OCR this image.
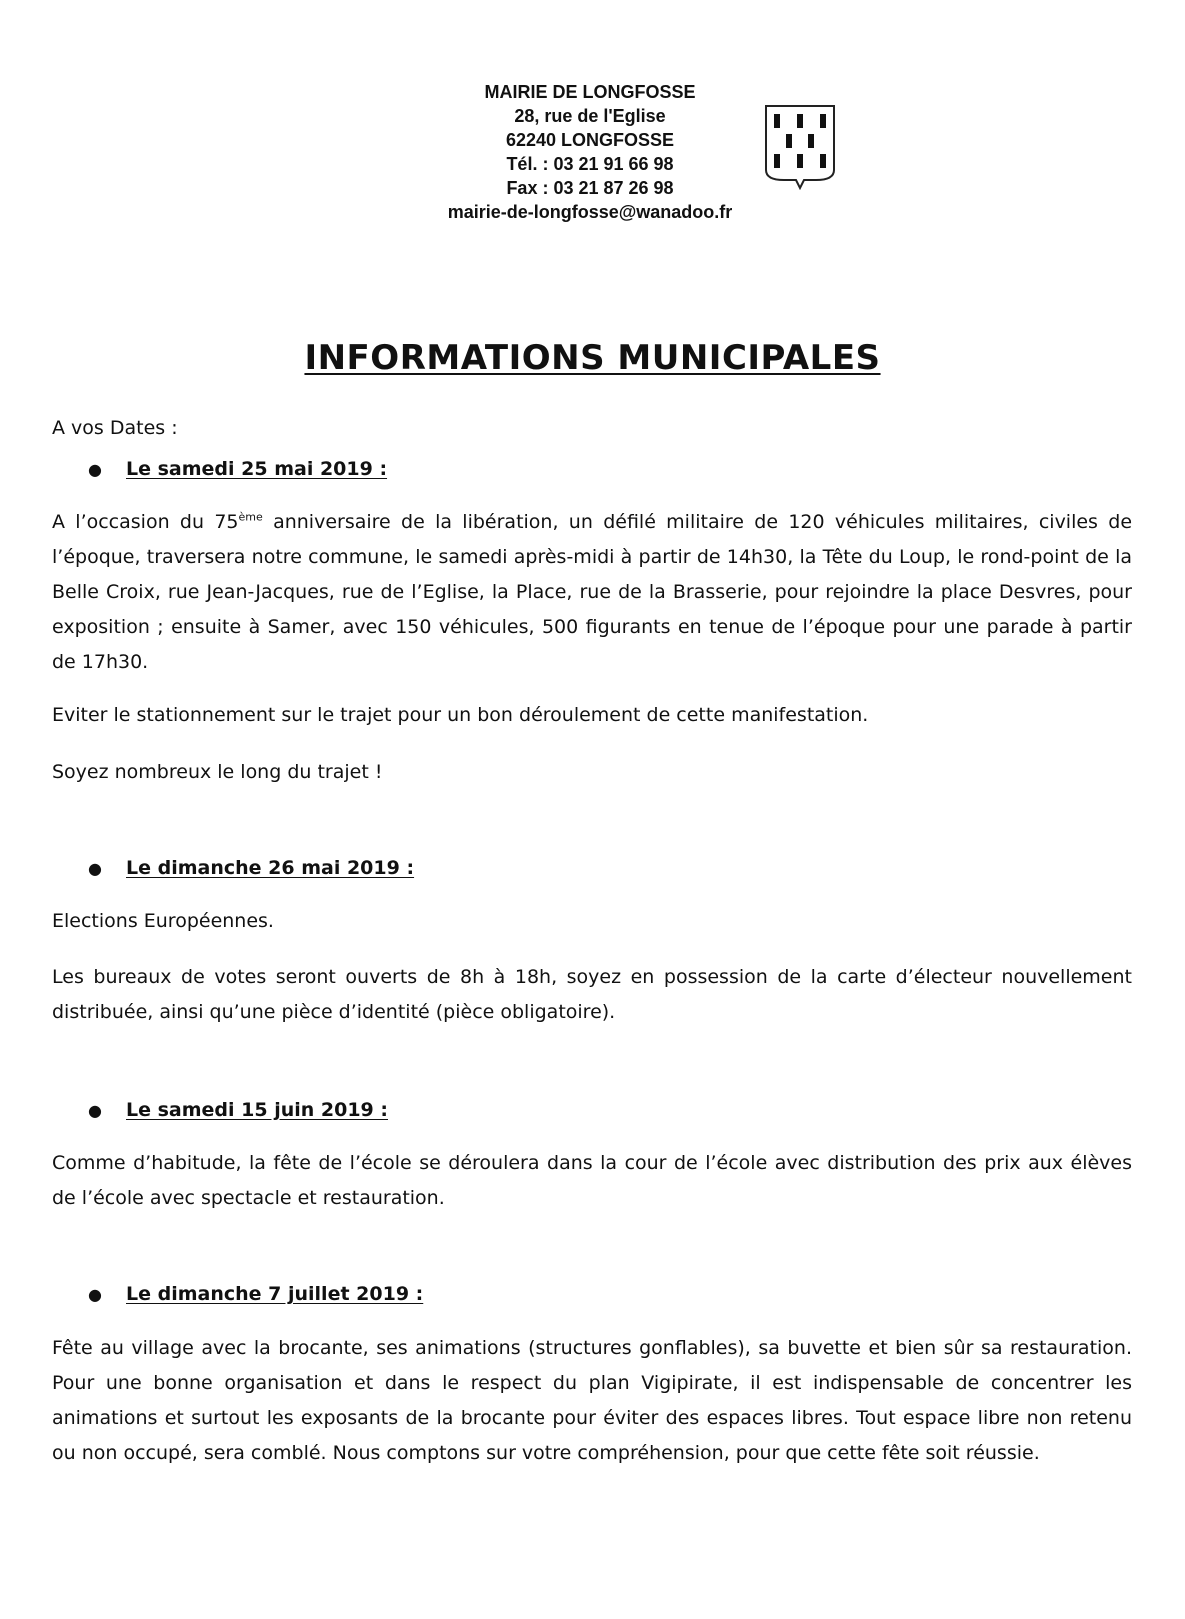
MAIRIE DE LONGFOSSE
28, rue de l'Eglise
62240 LONGFOSSE
Tél. : 03 21 91 66 98
Fax : 03 21 87 26 98
mairie-de-longfosse@wanadoo.fr
INFORMATIONS MUNICIPALES
A vos Dates :
● Le samedi 25 mai 2019 :

A l’occasion du 75ème anniversaire de la libération, un défilé militaire de 120 véhicules militaires, civiles de l’époque, traversera notre commune, le samedi après-midi à partir de 14h30, la Tête du Loup, le rond-point de la Belle Croix, rue Jean-Jacques, rue de l’Eglise, la Place, rue de la Brasserie, pour rejoindre la place Desvres, pour exposition ; ensuite à Samer, avec 150 véhicules, 500 figurants en tenue de l’époque pour une parade à partir de 17h30.

Eviter le stationnement sur le trajet pour un bon déroulement de cette manifestation.

Soyez nombreux le long du trajet !

● Le dimanche 26 mai 2019 :

Elections Européennes.

Les bureaux de votes seront ouverts de 8h à 18h, soyez en possession de la carte d’électeur nouvellement distribuée, ainsi qu’une pièce d’identité (pièce obligatoire).

● Le samedi 15 juin 2019 :

Comme d’habitude, la fête de l’école se déroulera dans la cour de l’école avec distribution des prix aux élèves de l’école avec spectacle et restauration.

● Le dimanche 7 juillet 2019 :

Fête au village avec la brocante, ses animations (structures gonflables), sa buvette et bien sûr sa restauration. Pour une bonne organisation et dans le respect du plan Vigipirate, il est indispensable de concentrer les animations et surtout les exposants de la brocante pour éviter des espaces libres. Tout espace libre non retenu ou non occupé, sera comblé. Nous comptons sur votre compréhension, pour que cette fête soit réussie.
